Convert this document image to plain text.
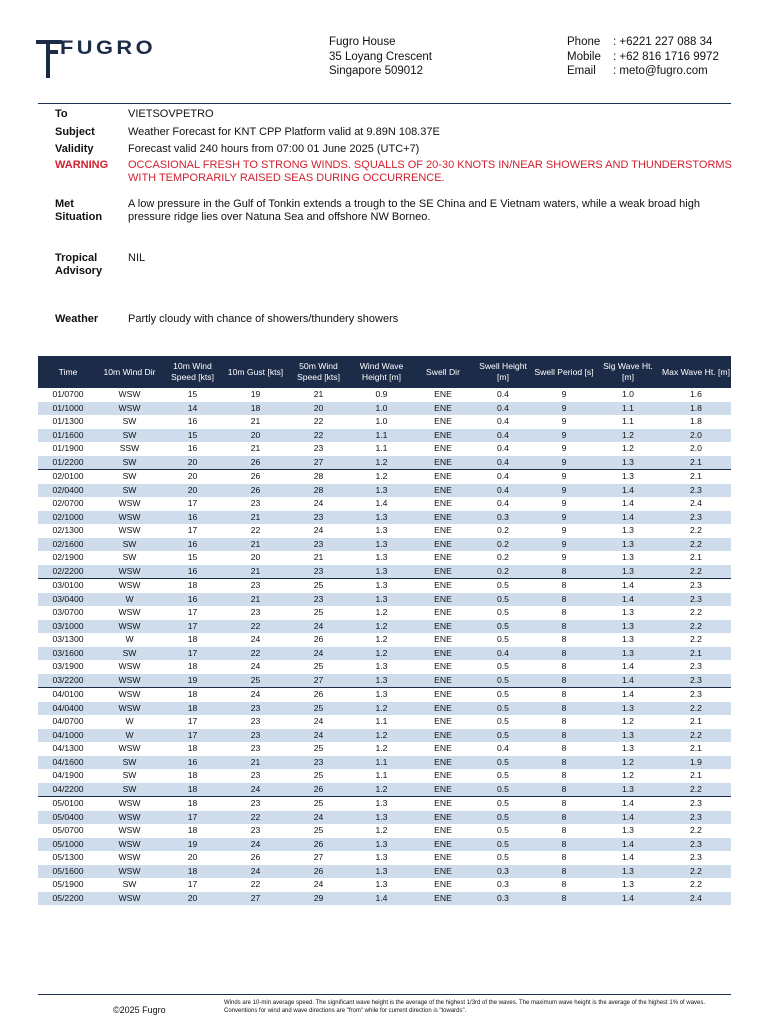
FUGRO	Fugro House
35 Loyang Crescent
Singapore 509012
Phone	: +6221 227 088 34
Mobile	: +62 816 1716 9972
Email	: meto@fugro.com
To	VIETSOVPETRO
Subject	Weather Forecast for KNT CPP Platform valid at 9.89N 108.37E
Validity	Forecast valid 240 hours from 07:00 01 June 2025 (UTC+7)
WARNING	OCCASIONAL FRESH TO STRONG WINDS. SQUALLS OF 20-30 KNOTS IN/NEAR SHOWERS AND THUNDERSTORMS WITH TEMPORARILY RAISED SEAS DURING OCCURRENCE.
Met
Situation
A low pressure in the Gulf of Tonkin extends a trough to the SE China and E Vietnam waters, while a weak broad high pressure ridge lies over Natuna Sea and offshore NW Borneo.
Tropical
Advisory
NIL
Weather	Partly cloudy with chance of showers/thundery showers
Time	10m Wind Dir	10m Wind Speed [kts]	10m Gust [kts]	50m Wind Speed [kts]	Wind Wave Height [m]	Swell Dir	Swell Height [m]	Swell Period [s]	Sig Wave Ht. [m]	Max Wave Ht. [m]
01/0700	WSW	15	19	21	0.9	ENE	0.4	9	1.0	1.6
01/1000	WSW	14	18	20	1.0	ENE	0.4	9	1.1	1.8
01/1300	SW	16	21	22	1.0	ENE	0.4	9	1.1	1.8
01/1600	SW	15	20	22	1.1	ENE	0.4	9	1.2	2.0
01/1900	SSW	16	21	23	1.1	ENE	0.4	9	1.2	2.0
01/2200	SW	20	26	27	1.2	ENE	0.4	9	1.3	2.1
02/0100	SW	20	26	28	1.2	ENE	0.4	9	1.3	2.1
02/0400	SW	20	26	28	1.3	ENE	0.4	9	1.4	2.3
02/0700	WSW	17	23	24	1.4	ENE	0.4	9	1.4	2.4
02/1000	WSW	16	21	23	1.3	ENE	0.3	9	1.4	2.3
02/1300	WSW	17	22	24	1.3	ENE	0.2	9	1.3	2.2
02/1600	SW	16	21	23	1.3	ENE	0.2	9	1.3	2.2
02/1900	SW	15	20	21	1.3	ENE	0.2	9	1.3	2.1
02/2200	WSW	16	21	23	1.3	ENE	0.2	8	1.3	2.2
03/0100	WSW	18	23	25	1.3	ENE	0.5	8	1.4	2.3
03/0400	W	16	21	23	1.3	ENE	0.5	8	1.4	2.3
03/0700	WSW	17	23	25	1.2	ENE	0.5	8	1.3	2.2
03/1000	WSW	17	22	24	1.2	ENE	0.5	8	1.3	2.2
03/1300	W	18	24	26	1.2	ENE	0.5	8	1.3	2.2
03/1600	SW	17	22	24	1.2	ENE	0.4	8	1.3	2.1
03/1900	WSW	18	24	25	1.3	ENE	0.5	8	1.4	2.3
03/2200	WSW	19	25	27	1.3	ENE	0.5	8	1.4	2.3
04/0100	WSW	18	24	26	1.3	ENE	0.5	8	1.4	2.3
04/0400	WSW	18	23	25	1.2	ENE	0.5	8	1.3	2.2
04/0700	W	17	23	24	1.1	ENE	0.5	8	1.2	2.1
04/1000	W	17	23	24	1.2	ENE	0.5	8	1.3	2.2
04/1300	WSW	18	23	25	1.2	ENE	0.4	8	1.3	2.1
04/1600	SW	16	21	23	1.1	ENE	0.5	8	1.2	1.9
04/1900	SW	18	23	25	1.1	ENE	0.5	8	1.2	2.1
04/2200	SW	18	24	26	1.2	ENE	0.5	8	1.3	2.2
05/0100	WSW	18	23	25	1.3	ENE	0.5	8	1.4	2.3
05/0400	WSW	17	22	24	1.3	ENE	0.5	8	1.4	2.3
05/0700	WSW	18	23	25	1.2	ENE	0.5	8	1.3	2.2
05/1000	WSW	19	24	26	1.3	ENE	0.5	8	1.4	2.3
05/1300	WSW	20	26	27	1.3	ENE	0.5	8	1.4	2.3
05/1600	WSW	18	24	26	1.3	ENE	0.3	8	1.3	2.2
05/1900	SW	17	22	24	1.3	ENE	0.3	8	1.3	2.2
05/2200	WSW	20	27	29	1.4	ENE	0.3	8	1.4	2.4
©2025 Fugro
Winds are 10-min average speed. The significant wave height is the average of the highest 1/3rd of the waves. The maximum wave height is the average of the highest 1% of waves. Conventions for wind and wave directions are "from" while for current direction is "towards".
